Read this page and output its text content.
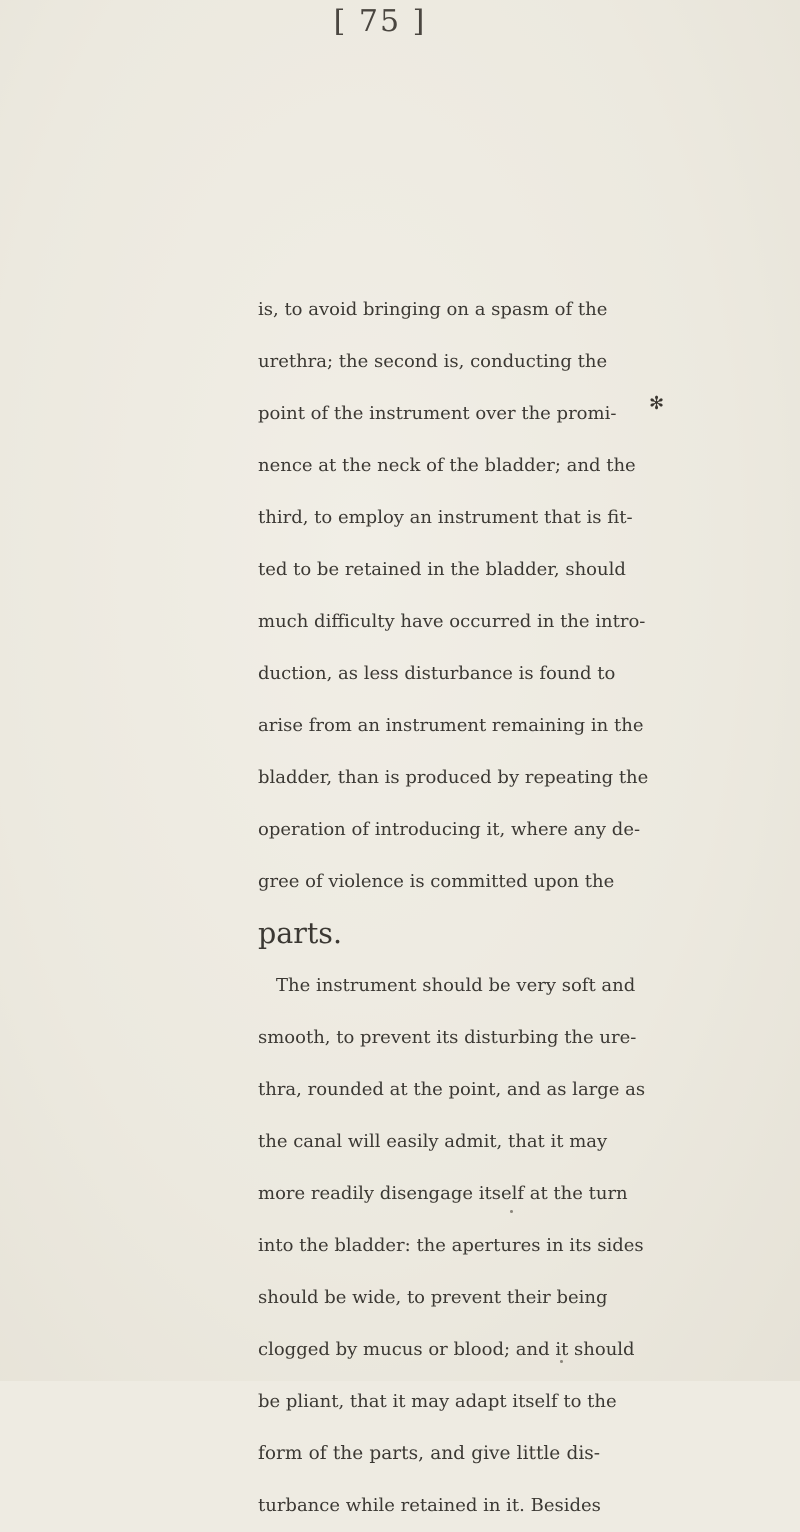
[ 75 ]
is, to avoid bringing on a spasm of the
urethra; the second is, conducting the
point of the instrument over the promi-
nence at the neck of the bladder; and the
third, to employ an instrument that is fit-
ted to be retained in the bladder, should
much difficulty have occurred in the intro-
duction, as less disturbance is found to
arise from an instrument remaining in the
bladder, than is produced by repeating the
operation of introducing it, where any de-
gree of violence is committed upon the
parts.
The instrument should be very soft and
smooth, to prevent its disturbing the ure-
thra, rounded at the point, and as large as
the canal will easily admit, that it may
more readily disengage itself at the turn
into the bladder: the apertures in its sides
should be wide, to prevent their being
clogged by mucus or blood; and it should
be pliant, that it may adapt itself to the
form of the parts, and give little dis-
turbance while retained in it. Besides
✻
